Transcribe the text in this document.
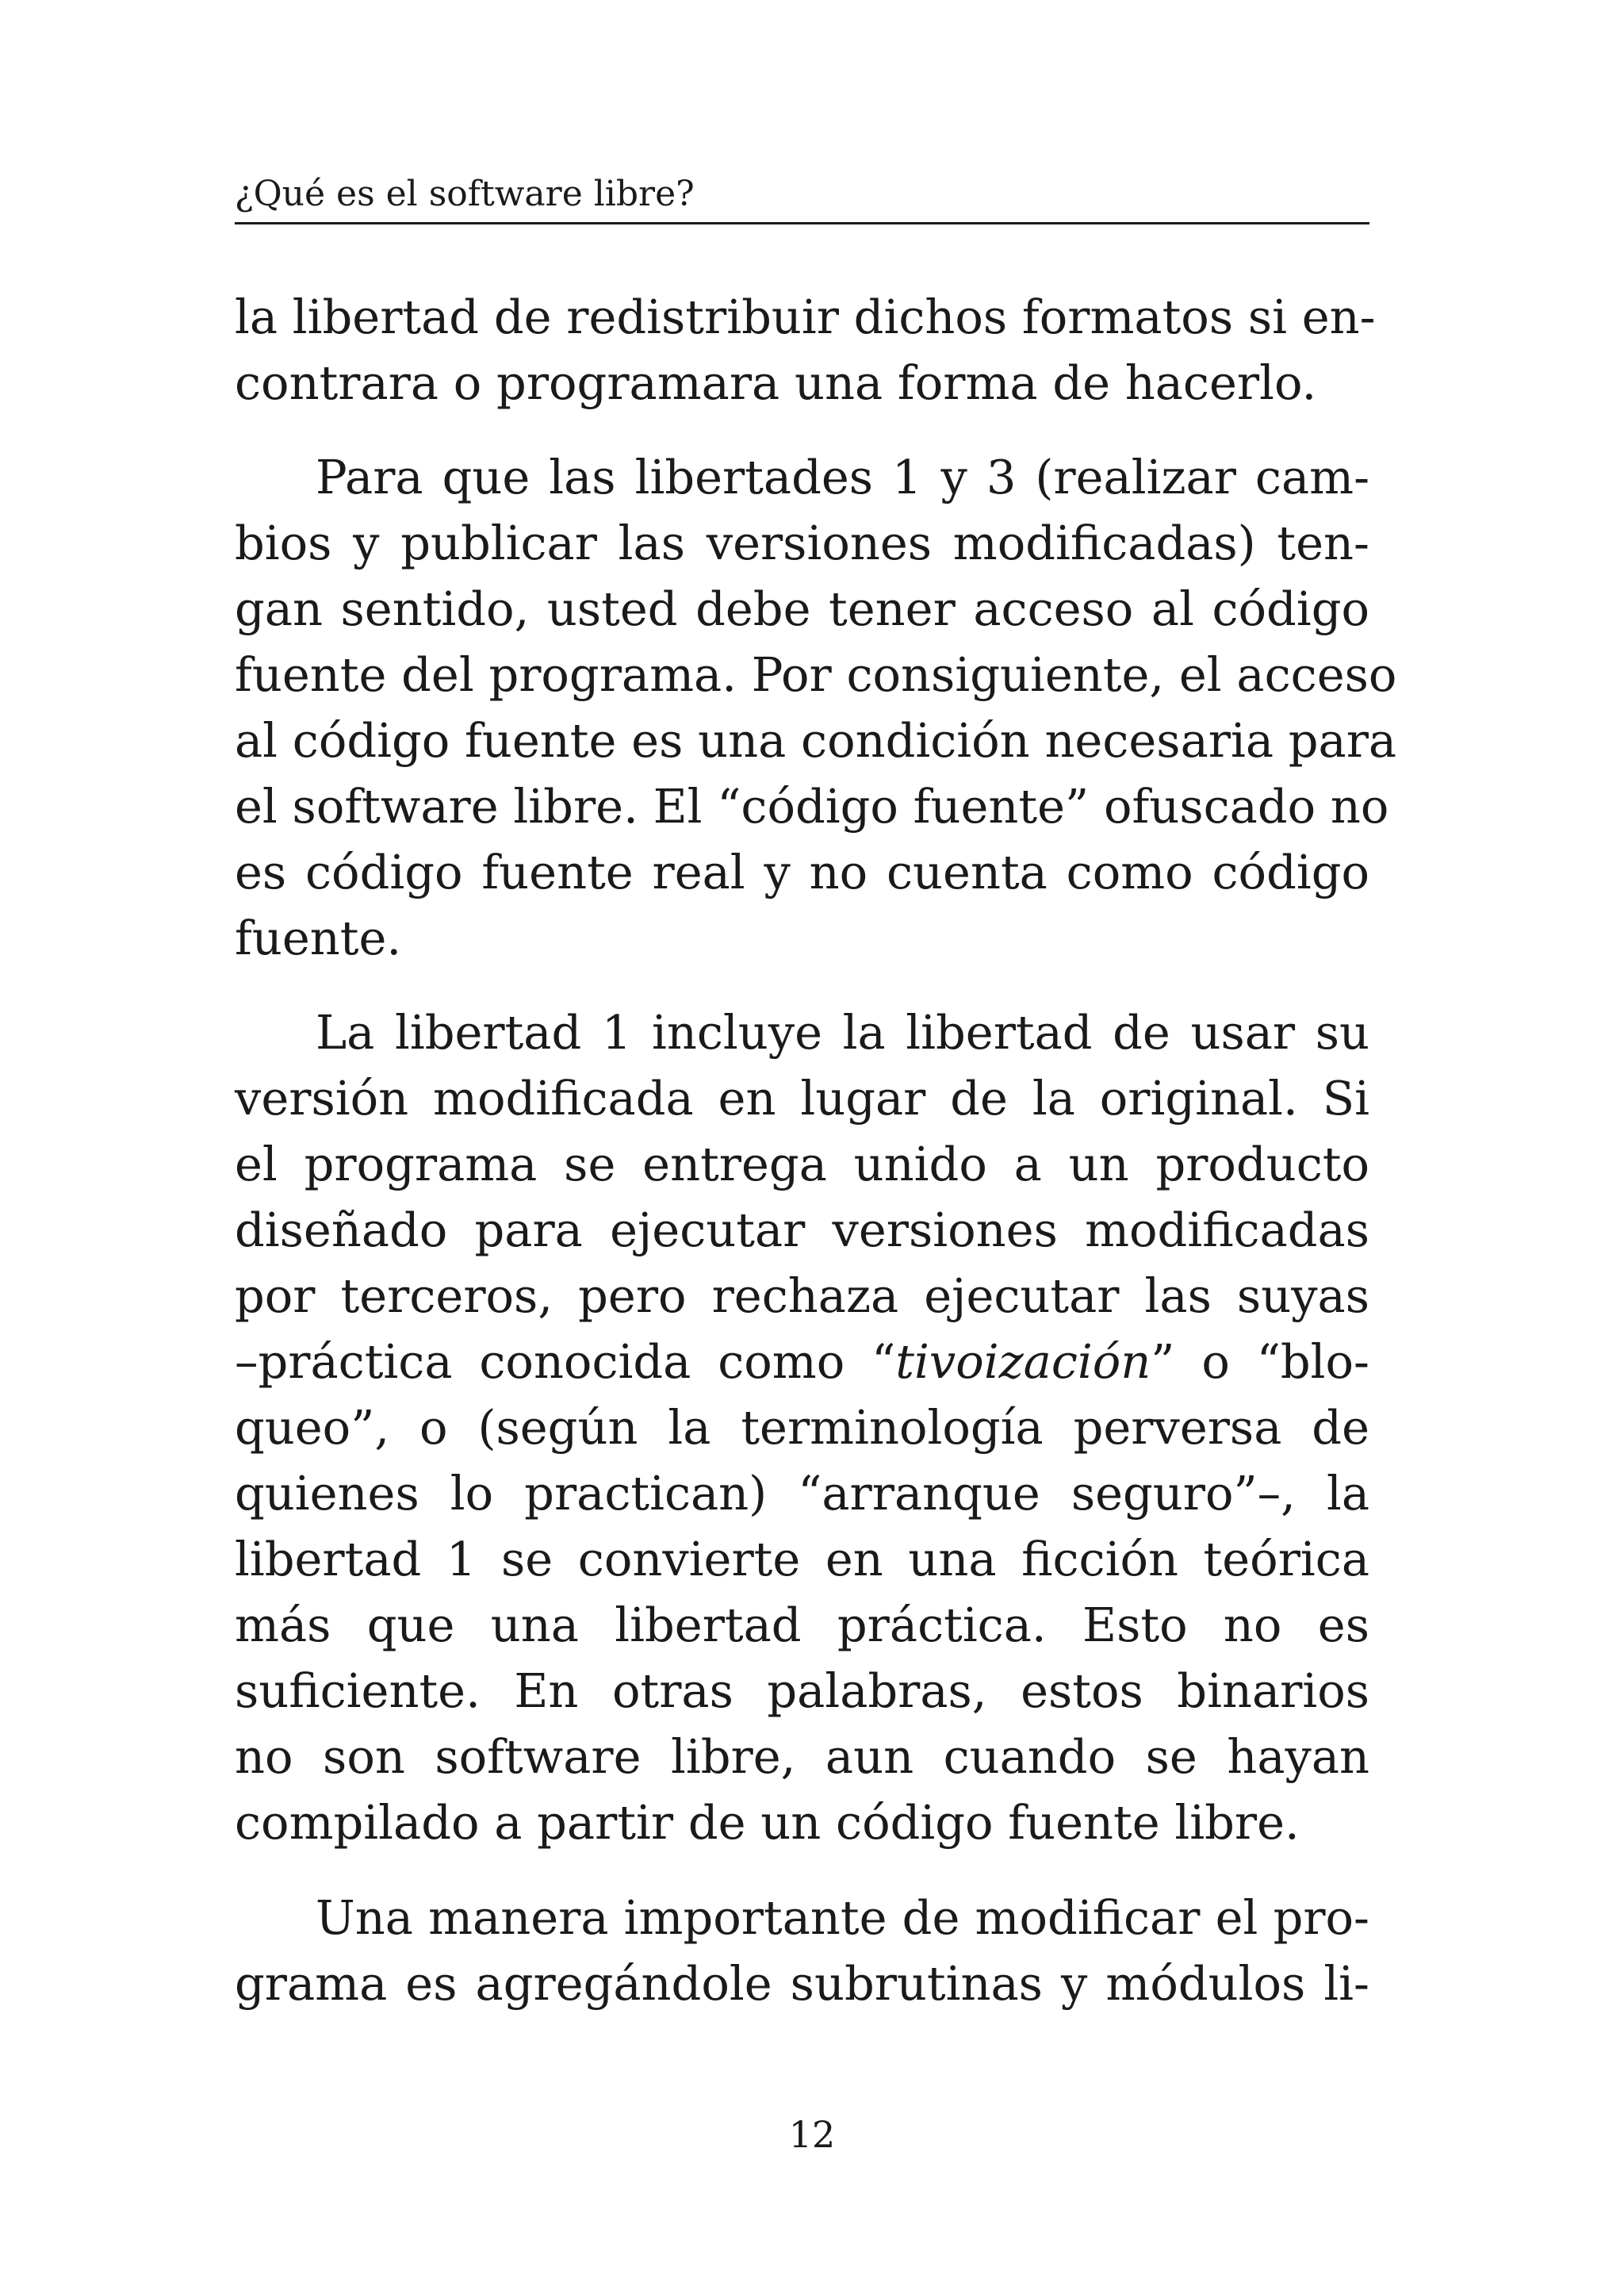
¿Qué es el software libre?
la libertad de redistribuir dichos formatos si en-
contrara o programara una forma de hacerlo.
Para que las libertades 1 y 3 (realizar cam-
bios y publicar las versiones modificadas) ten-
gan sentido, usted debe tener acceso al código
fuente del programa. Por consiguiente, el acceso
al código fuente es una condición necesaria para
el software libre. El “código fuente” ofuscado no
es código fuente real y no cuenta como código
fuente.
La libertad 1 incluye la libertad de usar su
versión modificada en lugar de la original. Si
el programa se entrega unido a un producto
diseñado para ejecutar versiones modificadas
por terceros, pero rechaza ejecutar las suyas
–práctica conocida como “tivoización” o “blo-
queo”, o (según la terminología perversa de
quienes lo practican) “arranque seguro”–, la
libertad 1 se convierte en una ficción teórica
más que una libertad práctica. Esto no es
suficiente. En otras palabras, estos binarios
no son software libre, aun cuando se hayan
compilado a partir de un código fuente libre.
Una manera importante de modificar el pro-
grama es agregándole subrutinas y módulos li-
12
